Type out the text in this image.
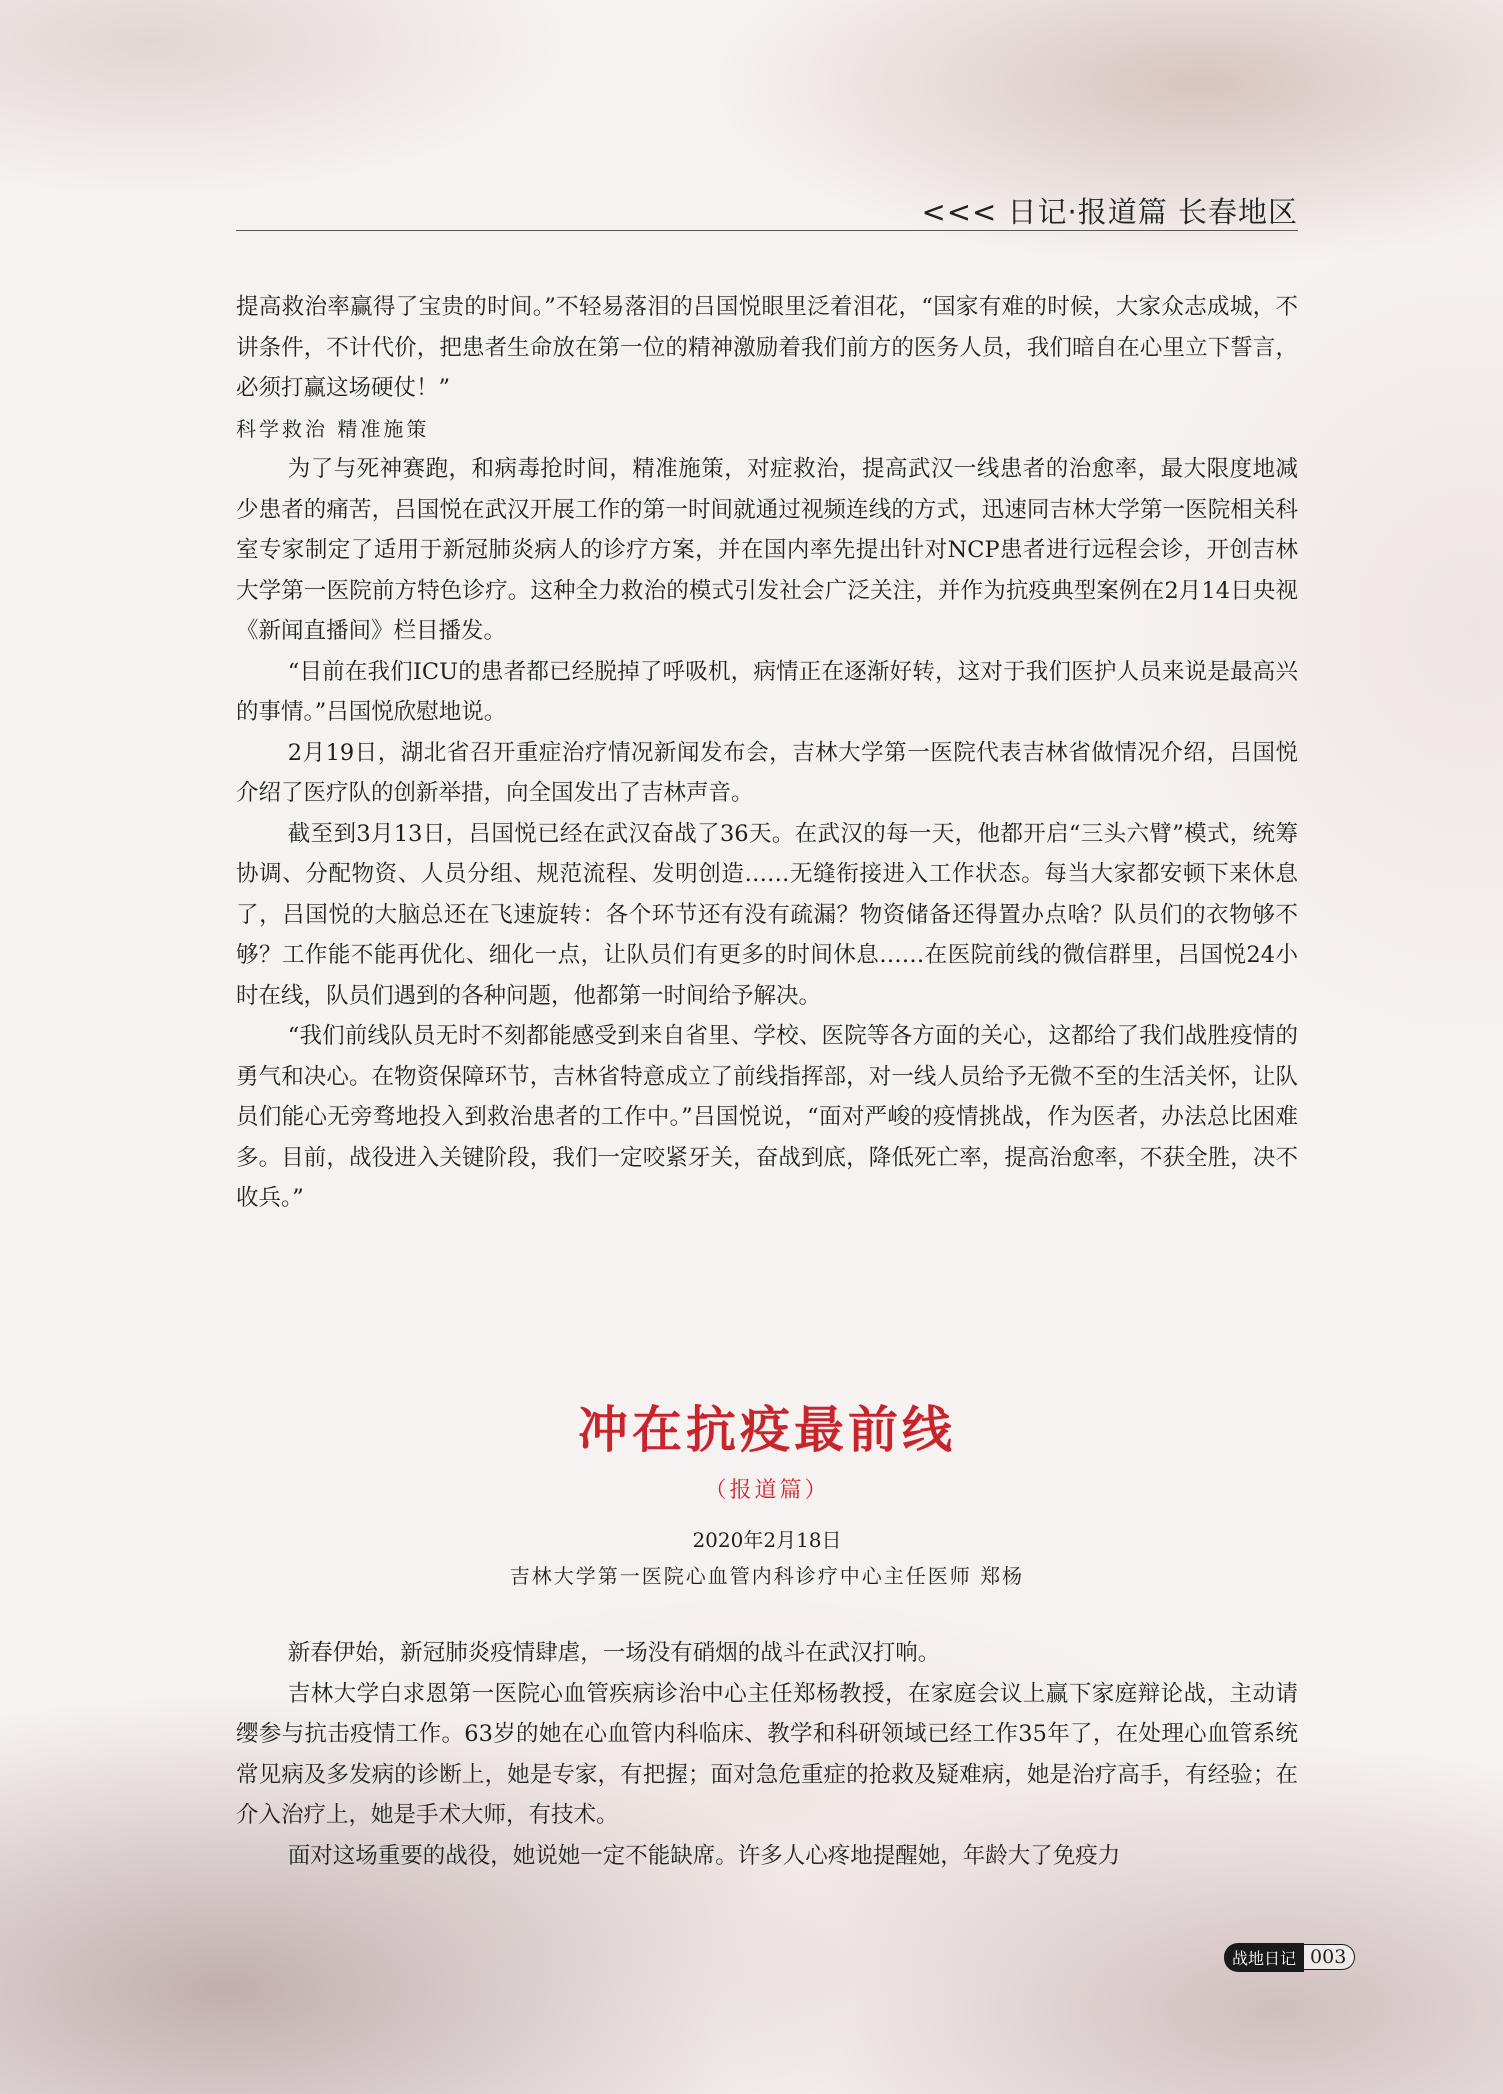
<<< 日记·报道篇 长春地区

提高救治率赢得了宝贵的时间。”不轻易落泪的吕国悦眼里泛着泪花，“国家有难的时候，大家众志成城，不讲条件，不计代价，把患者生命放在第一位的精神激励着我们前方的医务人员，我们暗自在心里立下誓言，必须打赢这场硬仗！”

科学救治 精准施策

为了与死神赛跑，和病毒抢时间，精准施策，对症救治，提高武汉一线患者的治愈率，最大限度地减少患者的痛苦，吕国悦在武汉开展工作的第一时间就通过视频连线的方式，迅速同吉林大学第一医院相关科室专家制定了适用于新冠肺炎病人的诊疗方案，并在国内率先提出针对NCP患者进行远程会诊，开创吉林大学第一医院前方特色诊疗。这种全力救治的模式引发社会广泛关注，并作为抗疫典型案例在2月14日央视《新闻直播间》栏目播发。

“目前在我们ICU的患者都已经脱掉了呼吸机，病情正在逐渐好转，这对于我们医护人员来说是最高兴的事情。”吕国悦欣慰地说。

2月19日，湖北省召开重症治疗情况新闻发布会，吉林大学第一医院代表吉林省做情况介绍，吕国悦介绍了医疗队的创新举措，向全国发出了吉林声音。

截至到3月13日，吕国悦已经在武汉奋战了36天。在武汉的每一天，他都开启“三头六臂”模式，统筹协调、分配物资、人员分组、规范流程、发明创造……无缝衔接进入工作状态。每当大家都安顿下来休息了，吕国悦的大脑总还在飞速旋转：各个环节还有没有疏漏？物资储备还得置办点啥？队员们的衣物够不够？工作能不能再优化、细化一点，让队员们有更多的时间休息……在医院前线的微信群里，吕国悦24小时在线，队员们遇到的各种问题，他都第一时间给予解决。

“我们前线队员无时不刻都能感受到来自省里、学校、医院等各方面的关心，这都给了我们战胜疫情的勇气和决心。在物资保障环节，吉林省特意成立了前线指挥部，对一线人员给予无微不至的生活关怀，让队员们能心无旁骛地投入到救治患者的工作中。”吕国悦说，“面对严峻的疫情挑战，作为医者，办法总比困难多。目前，战役进入关键阶段，我们一定咬紧牙关，奋战到底，降低死亡率，提高治愈率，不获全胜，决不收兵。”

冲在抗疫最前线
（报道篇）
2020年2月18日
吉林大学第一医院心血管内科诊疗中心主任医师 郑杨

新春伊始，新冠肺炎疫情肆虐，一场没有硝烟的战斗在武汉打响。

吉林大学白求恩第一医院心血管疾病诊治中心主任郑杨教授，在家庭会议上赢下家庭辩论战，主动请缨参与抗击疫情工作。63岁的她在心血管内科临床、教学和科研领域已经工作35年了，在处理心血管系统常见病及多发病的诊断上，她是专家，有把握；面对急危重症的抢救及疑难病，她是治疗高手，有经验；在介入治疗上，她是手术大师，有技术。

面对这场重要的战役，她说她一定不能缺席。许多人心疼地提醒她，年龄大了免疫力

战地日记 003
